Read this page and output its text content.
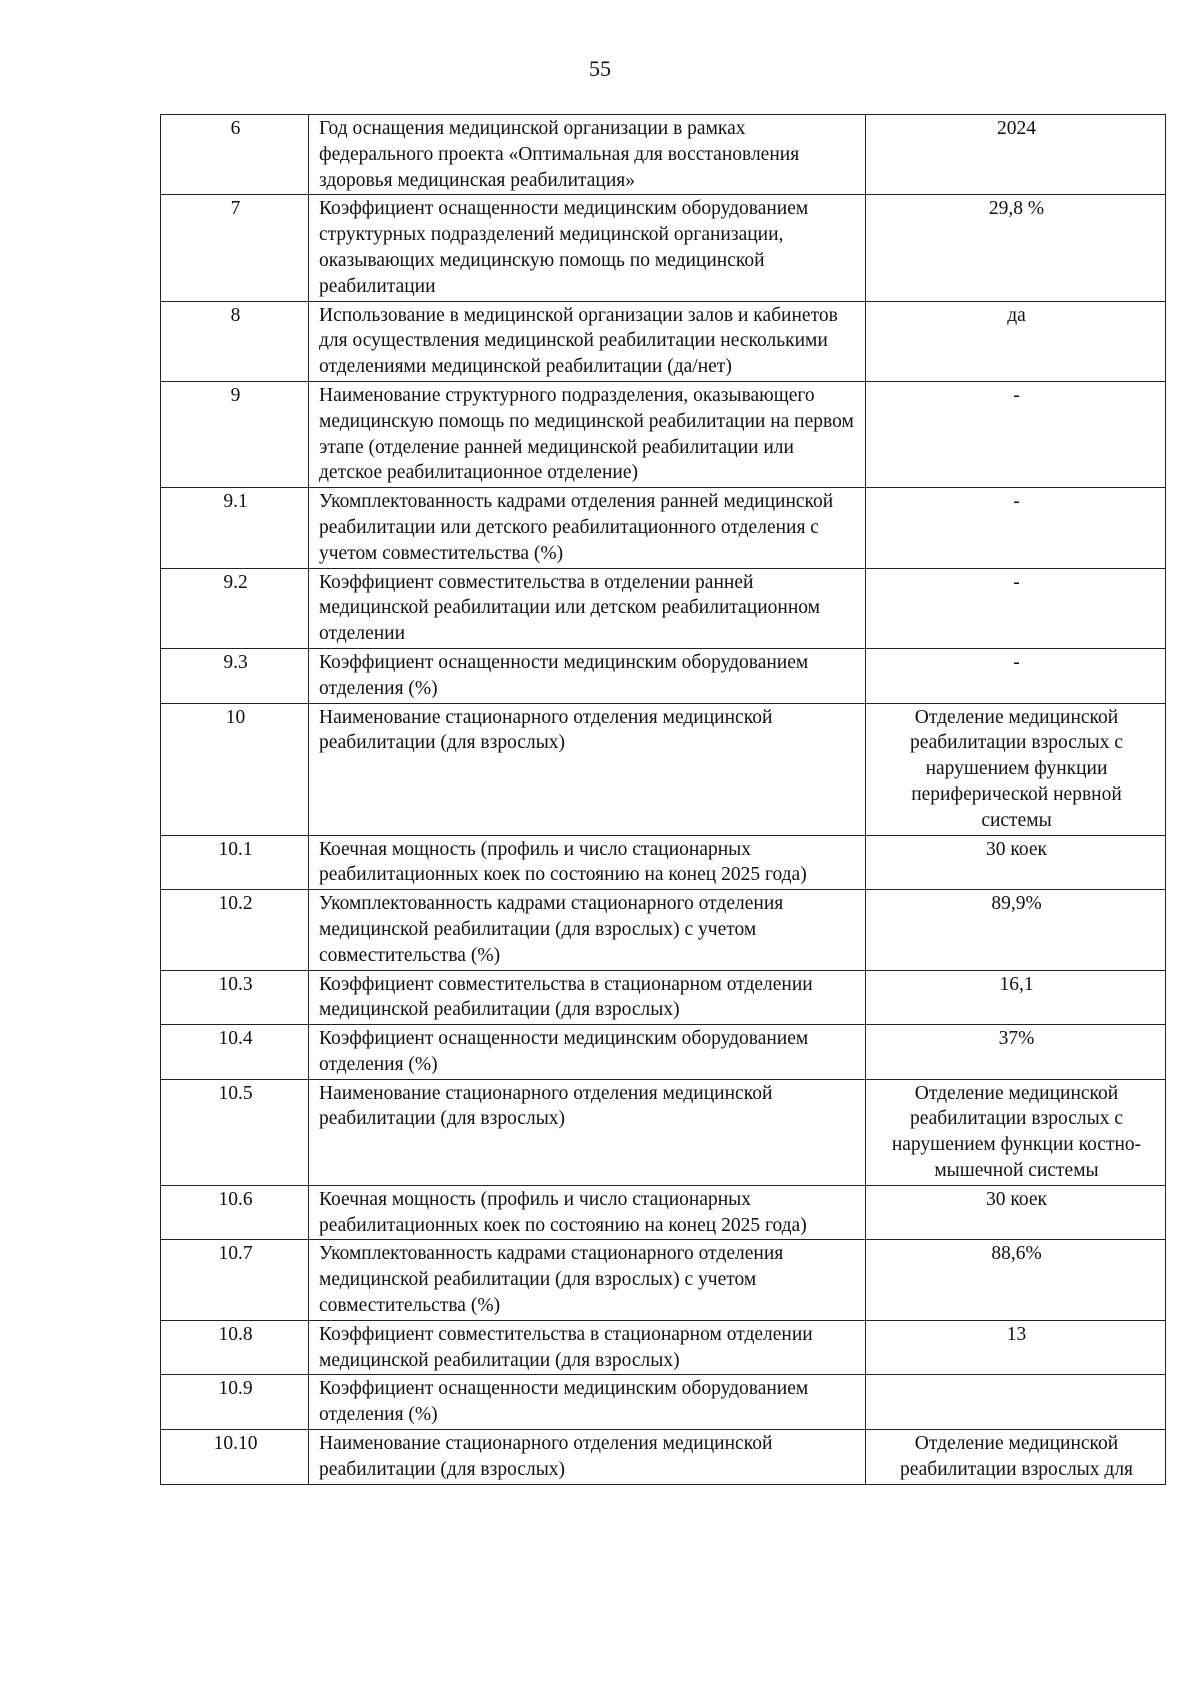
55
6	Год оснащения медицинской организации в рамках федерального проекта «Оптимальная для восстановления здоровья медицинская реабилитация»	2024
7	Коэффициент оснащенности медицинским оборудованием структурных подразделений медицинской организации, оказывающих медицинскую помощь по медицинской реабилитации	29,8 %
8	Использование в медицинской организации залов и кабинетов для осуществления медицинской реабилитации несколькими отделениями медицинской реабилитации (да/нет)	да
9	Наименование структурного подразделения, оказывающего медицинскую помощь по медицинской реабилитации на первом этапе (отделение ранней медицинской реабилитации или детское реабилитационное отделение)	-
9.1	Укомплектованность кадрами отделения ранней медицинской реабилитации или детского реабилитационного отделения с учетом совместительства (%)	-
9.2	Коэффициент совместительства в отделении ранней медицинской реабилитации или детском реабилитационном отделении	-
9.3	Коэффициент оснащенности медицинским оборудованием отделения (%)	-
10	Наименование стационарного отделения медицинской реабилитации (для взрослых)	Отделение медицинской реабилитации взрослых с нарушением функции периферической нервной системы
10.1	Коечная мощность (профиль и число стационарных реабилитационных коек по состоянию на конец 2025 года)	30 коек
10.2	Укомплектованность кадрами стационарного отделения медицинской реабилитации (для взрослых) с учетом совместительства (%)	89,9%
10.3	Коэффициент совместительства в стационарном отделении медицинской реабилитации (для взрослых)	16,1
10.4	Коэффициент оснащенности медицинским оборудованием отделения (%)	37%
10.5	Наименование стационарного отделения медицинской реабилитации (для взрослых)	Отделение медицинской реабилитации взрослых с нарушением функции костно-мышечной системы
10.6	Коечная мощность (профиль и число стационарных реабилитационных коек по состоянию на конец 2025 года)	30 коек
10.7	Укомплектованность кадрами стационарного отделения медицинской реабилитации (для взрослых) с учетом совместительства (%)	88,6%
10.8	Коэффициент совместительства в стационарном отделении медицинской реабилитации (для взрослых)	13
10.9	Коэффициент оснащенности медицинским оборудованием отделения (%)	
10.10	Наименование стационарного отделения медицинской реабилитации (для взрослых)	Отделение медицинской реабилитации взрослых для
